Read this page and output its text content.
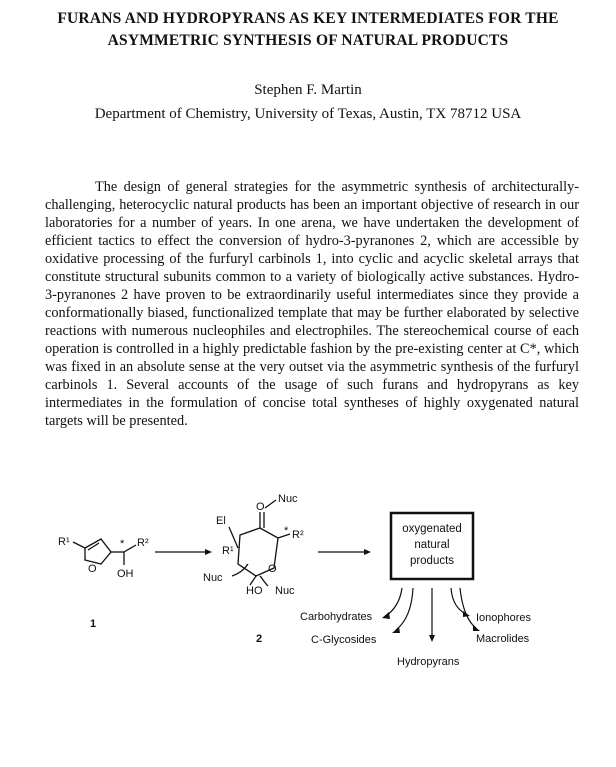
FURANS AND HYDROPYRANS AS KEY INTERMEDIATES FOR THE
ASYMMETRIC SYNTHESIS OF NATURAL PRODUCTS
Stephen F. Martin
Department of Chemistry, University of Texas, Austin, TX 78712 USA

The design of general strategies for the asymmetric synthesis of architecturally-challenging, heterocyclic natural products has been an important objective of research in our laboratories for a number of years. In one arena, we have undertaken the development of efficient tactics to effect the conversion of hydro-3-pyranones 2, which are accessible by oxidative processing of the furfuryl carbinols 1, into cyclic and acyclic skeletal arrays that constitute structural subunits common to a variety of biologically active substances. Hydro-3-pyranones 2 have proven to be extraordinarily useful intermediates since they provide a conformationally biased, functionalized template that may be further elaborated by selective reactions with numerous nucleophiles and electrophiles. The stereochemical course of each operation is controlled in a highly predictable fashion by the pre-existing center at C*, which was fixed in an absolute sense at the very outset via the asymmetric synthesis of the furfuryl carbinols 1. Several accounts of the usage of such furans and hydropyrans as key intermediates in the formulation of concise total syntheses of highly oxygenated natural targets will be presented.

R¹
O
* R²
OH
1
El
O
Nuc
* R²
R¹
O
Nuc
HO Nuc
2
oxygenated
natural
products
Carbohydrates
C-Glycosides
Hydropyrans
Ionophores
Macrolides
